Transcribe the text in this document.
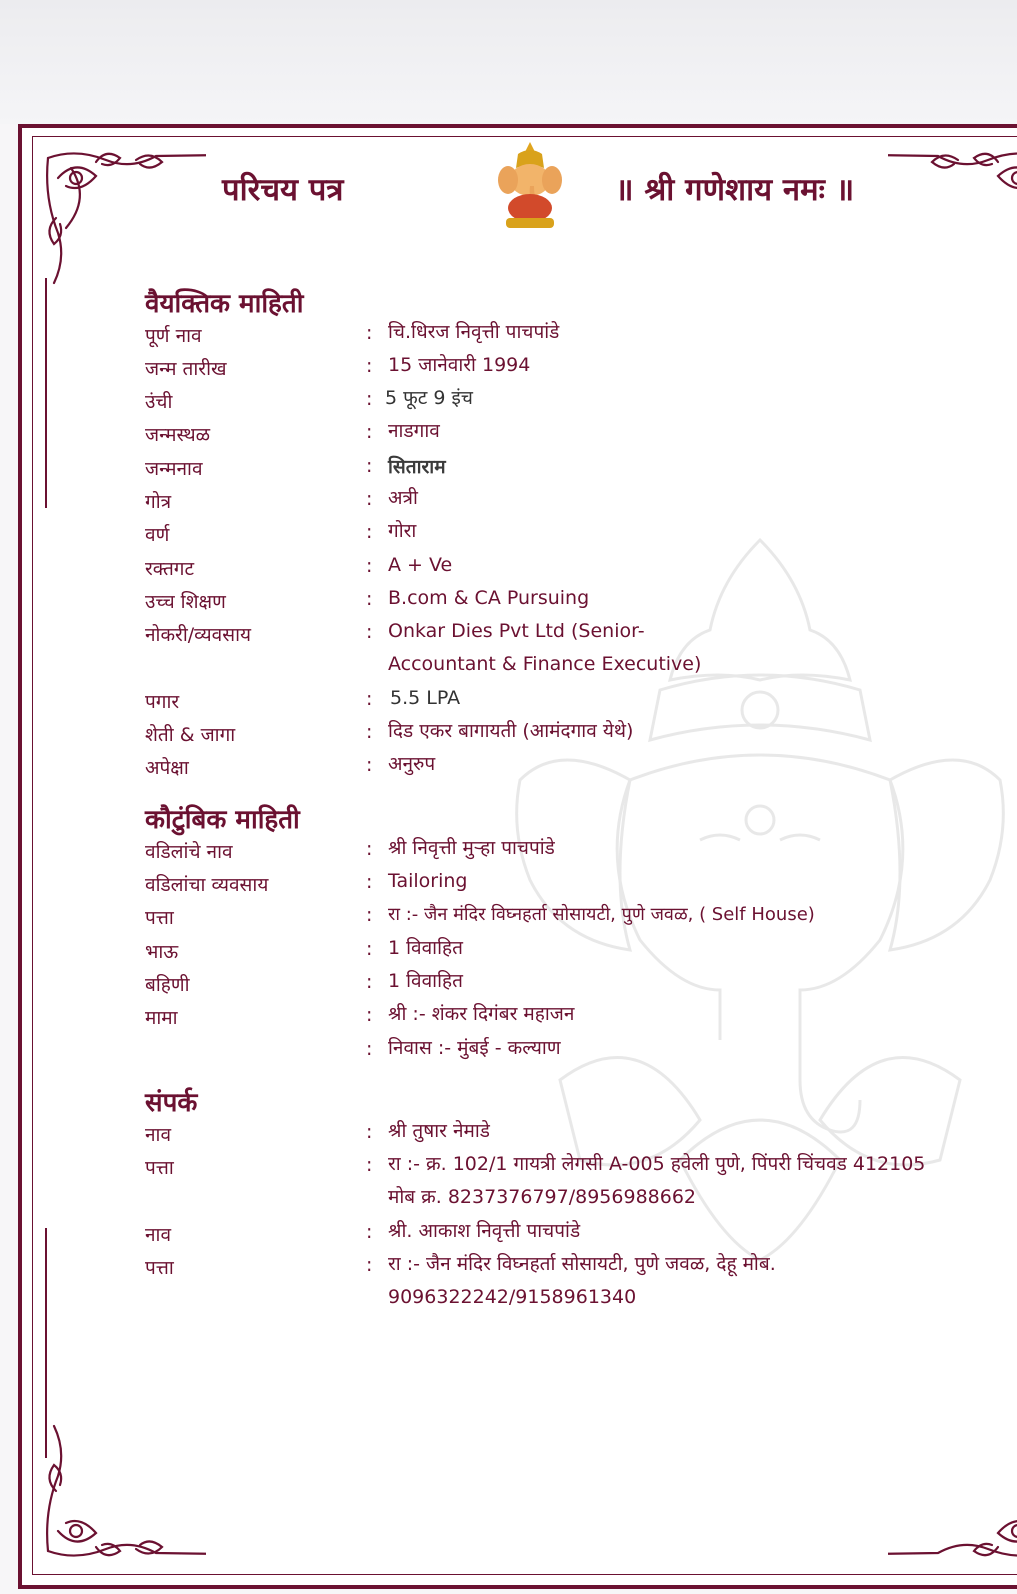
परिचय पत्र	॥ श्री गणेशाय नमः ॥
वैयक्तिक माहिती
पूर्ण नाव	: चि.धिरज निवृत्ती पाचपांडे
जन्म तारीख	: 15 जानेवारी 1994
उंची	: 5 फूट 9 इंच
जन्मस्थळ	: नाडगाव
जन्मनाव	: सिताराम
गोत्र	: अत्री
वर्ण	: गोरा
रक्तगट	: A + Ve
उच्च शिक्षण	: B.com & CA Pursuing
नोकरी/व्यवसाय	: Onkar Dies Pvt Ltd (Senior- Accountant & Finance Executive)
पगार	: 5.5 LPA
शेती & जागा	: दिड एकर बागायती (आमंदगाव येथे)
अपेक्षा	: अनुरुप
कौटुंबिक माहिती
वडिलांचे नाव	: श्री निवृत्ती मुऱ्हा पाचपांडे
वडिलांचा व्यवसाय	: Tailoring
पत्ता	: रा :- जैन मंदिर विघ्नहर्ता सोसायटी, पुणे जवळ, ( Self House)
भाऊ	: 1 विवाहित
बहिणी	: 1 विवाहित
मामा	: श्री :- शंकर दिगंबर महाजन
: निवास :- मुंबई - कल्याण
संपर्क
नाव	: श्री तुषार नेमाडे
पत्ता	: रा :- क्र. 102/1 गायत्री लेगसी A-005 हवेली पुणे, पिंपरी चिंचवड 412105 मोब क्र. 8237376797/8956988662
नाव	: श्री. आकाश निवृत्ती पाचपांडे
पत्ता	: रा :- जैन मंदिर विघ्नहर्ता सोसायटी, पुणे जवळ, देहू मोब. 9096322242/9158961340
